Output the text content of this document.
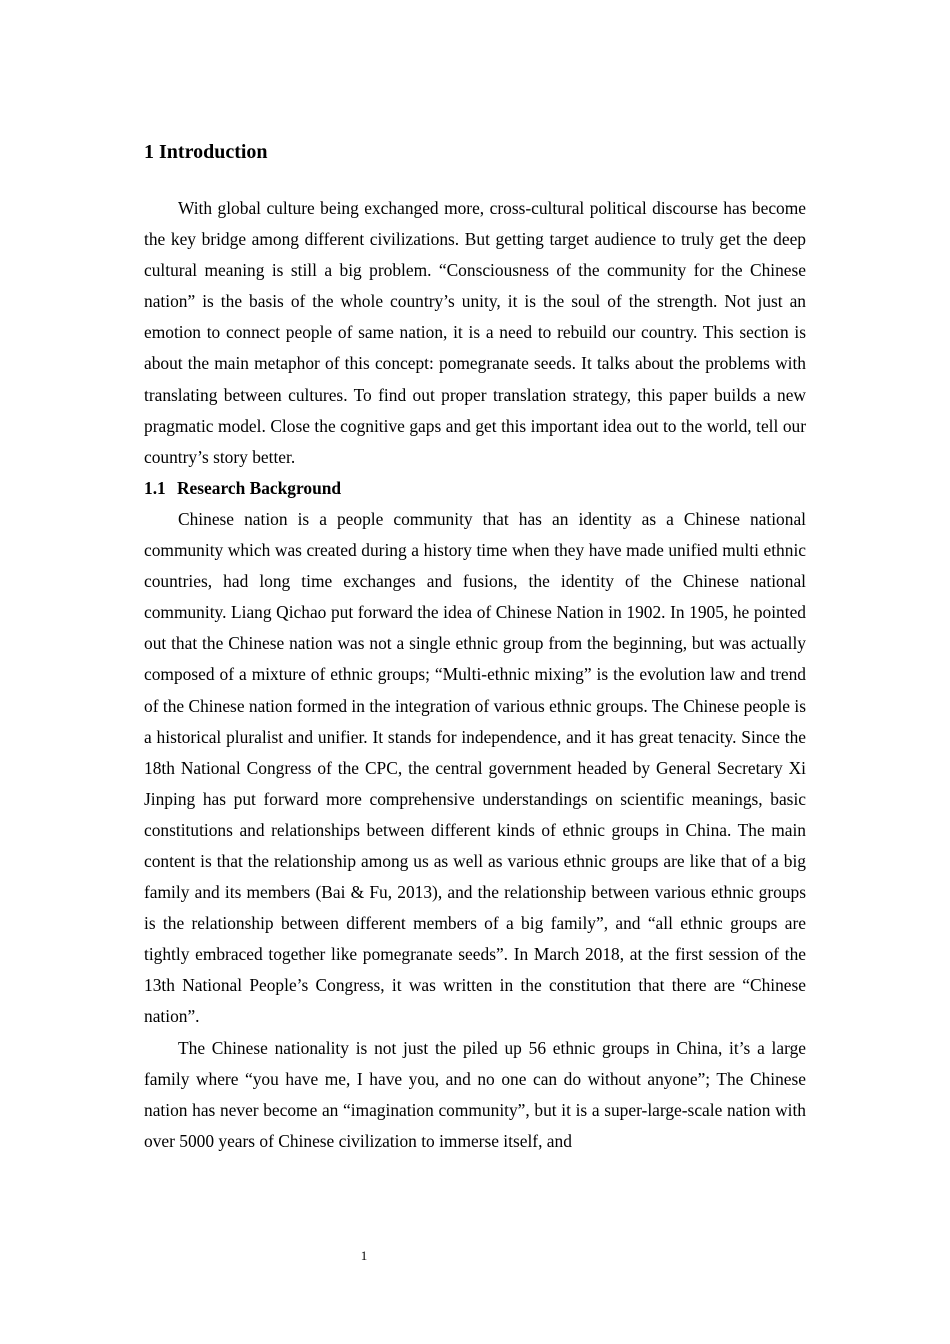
1 Introduction

With global culture being exchanged more, cross-cultural political discourse has become the key bridge among different civilizations. But getting target audience to truly get the deep cultural meaning is still a big problem. “Consciousness of the community for the Chinese nation” is the basis of the whole country’s unity, it is the soul of the strength. Not just an emotion to connect people of same nation, it is a need to rebuild our country. This section is about the main metaphor of this concept: pomegranate seeds. It talks about the problems with translating between cultures. To find out proper translation strategy, this paper builds a new pragmatic model. Close the cognitive gaps and get this important idea out to the world, tell our country’s story better.

1.1 Research Background

Chinese nation is a people community that has an identity as a Chinese national community which was created during a history time when they have made unified multi ethnic countries, had long time exchanges and fusions, the identity of the Chinese national community. Liang Qichao put forward the idea of Chinese Nation in 1902. In 1905, he pointed out that the Chinese nation was not a single ethnic group from the beginning, but was actually composed of a mixture of ethnic groups; “Multi-ethnic mixing” is the evolution law and trend of the Chinese nation formed in the integration of various ethnic groups. The Chinese people is a historical pluralist and unifier. It stands for independence, and it has great tenacity. Since the 18th National Congress of the CPC, the central government headed by General Secretary Xi Jinping has put forward more comprehensive understandings on scientific meanings, basic constitutions and relationships between different kinds of ethnic groups in China. The main content is that the relationship among us as well as various ethnic groups are like that of a big family and its members (Bai & Fu, 2013), and the relationship between various ethnic groups is the relationship between different members of a big family”, and “all ethnic groups are tightly embraced together like pomegranate seeds”. In March 2018, at the first session of the 13th National People’s Congress, it was written in the constitution that there are “Chinese nation”.

The Chinese nationality is not just the piled up 56 ethnic groups in China, it’s a large family where “you have me, I have you, and no one can do without anyone”; The Chinese nation has never become an “imagination community”, but it is a super-large-scale nation with over 5000 years of Chinese civilization to immerse itself, and

1
